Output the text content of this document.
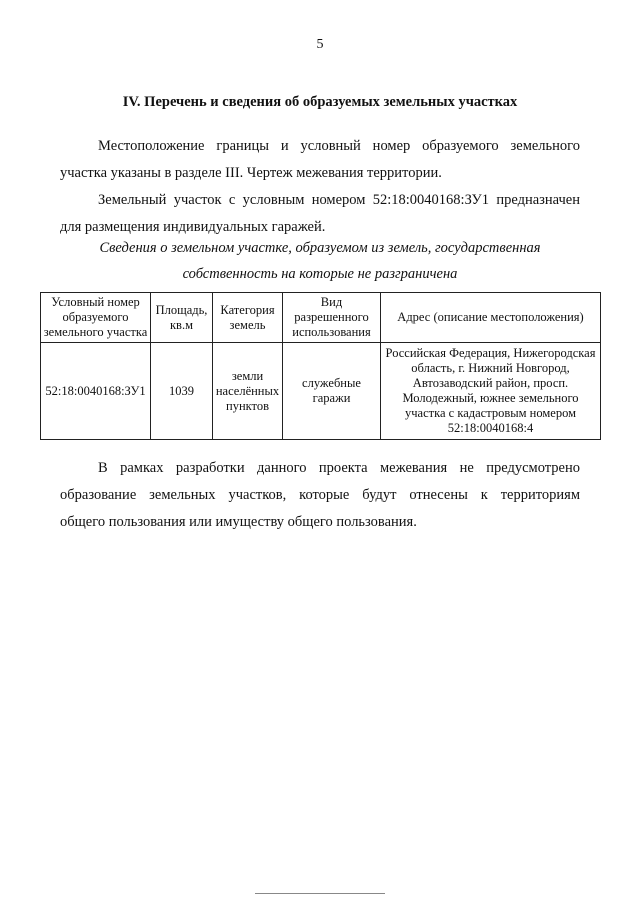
5
IV. Перечень и сведения об образуемых земельных участках
Местоположение границы и условный номер образуемого земельного
участка указаны в разделе III. Чертеж межевания территории.
Земельный участок с условным номером 52:18:0040168:ЗУ1 предназначен
для размещения индивидуальных гаражей.
Сведения о земельном участке, образуемом из земель, государственная
собственность на которые не разграничена
Условный номер образуемого земельного участка	Площадь, кв.м	Категория земель	Вид разрешенного использования	Адрес (описание местоположения)
52:18:0040168:ЗУ1	1039	земли населённых пунктов	служебные гаражи	Российская Федерация, Нижегородская область, г. Нижний Новгород, Автозаводский район, просп. Молодежный, южнее земельного участка с кадастровым номером 52:18:0040168:4
В рамках разработки данного проекта межевания не предусмотрено
образование земельных участков, которые будут отнесены к территориям
общего пользования или имуществу общего пользования.
